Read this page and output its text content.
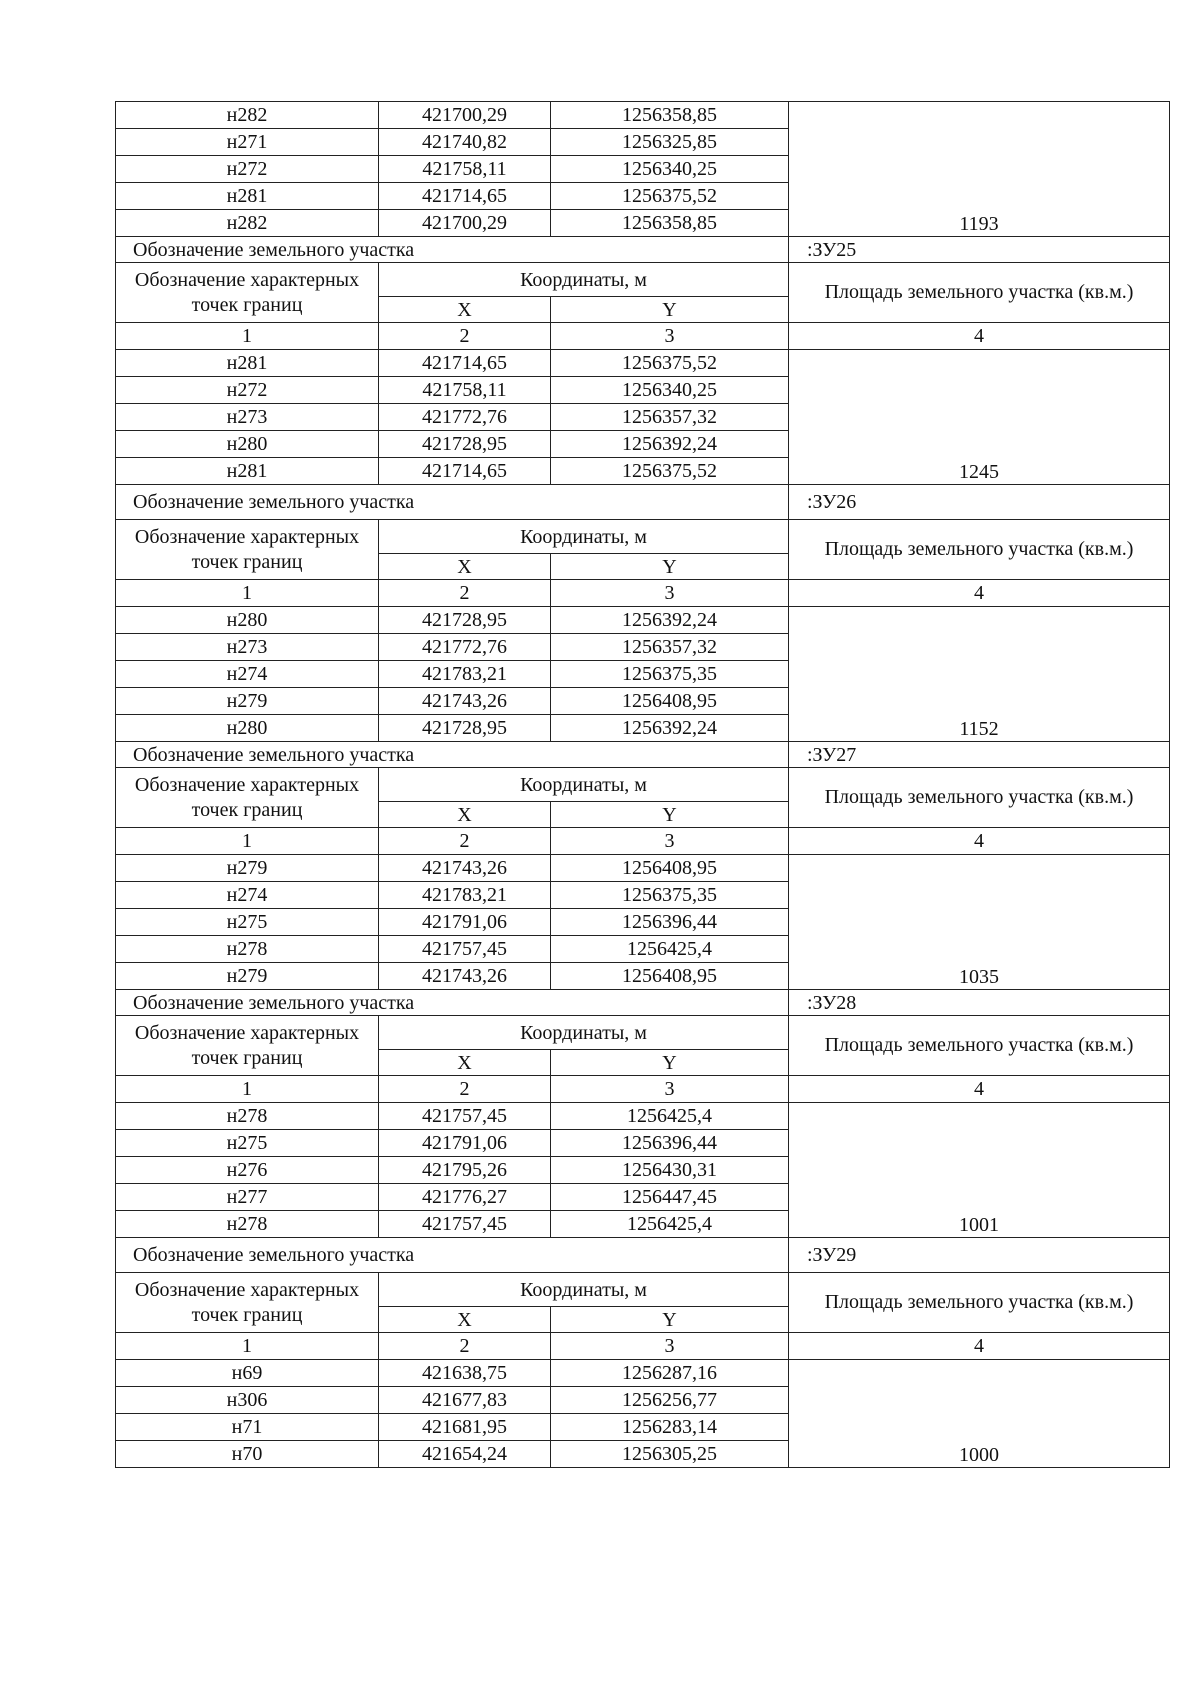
н282	421700,29	1256358,85	1193
н271	421740,82	1256325,85	
н272	421758,11	1256340,25	
н281	421714,65	1256375,52	
н282	421700,29	1256358,85	
Обозначение земельного участка			:ЗУ25
Обозначение характерных точек границ	Координаты, м		Площадь земельного участка (кв.м.)
	X	Y	
1	2	3	4
н281	421714,65	1256375,52	1245
н272	421758,11	1256340,25	
н273	421772,76	1256357,32	
н280	421728,95	1256392,24	
н281	421714,65	1256375,52	
Обозначение земельного участка			:ЗУ26
Обозначение характерных точек границ	Координаты, м		Площадь земельного участка (кв.м.)
	X	Y	
1	2	3	4
н280	421728,95	1256392,24	1152
н273	421772,76	1256357,32	
н274	421783,21	1256375,35	
н279	421743,26	1256408,95	
н280	421728,95	1256392,24	
Обозначение земельного участка			:ЗУ27
Обозначение характерных точек границ	Координаты, м		Площадь земельного участка (кв.м.)
	X	Y	
1	2	3	4
н279	421743,26	1256408,95	1035
н274	421783,21	1256375,35	
н275	421791,06	1256396,44	
н278	421757,45	1256425,4	
н279	421743,26	1256408,95	
Обозначение земельного участка			:ЗУ28
Обозначение характерных точек границ	Координаты, м		Площадь земельного участка (кв.м.)
	X	Y	
1	2	3	4
н278	421757,45	1256425,4	1001
н275	421791,06	1256396,44	
н276	421795,26	1256430,31	
н277	421776,27	1256447,45	
н278	421757,45	1256425,4	
Обозначение земельного участка			:ЗУ29
Обозначение характерных точек границ	Координаты, м		Площадь земельного участка (кв.м.)
	X	Y	
1	2	3	4
н69	421638,75	1256287,16	1000
н306	421677,83	1256256,77	
н71	421681,95	1256283,14	
н70	421654,24	1256305,25	
